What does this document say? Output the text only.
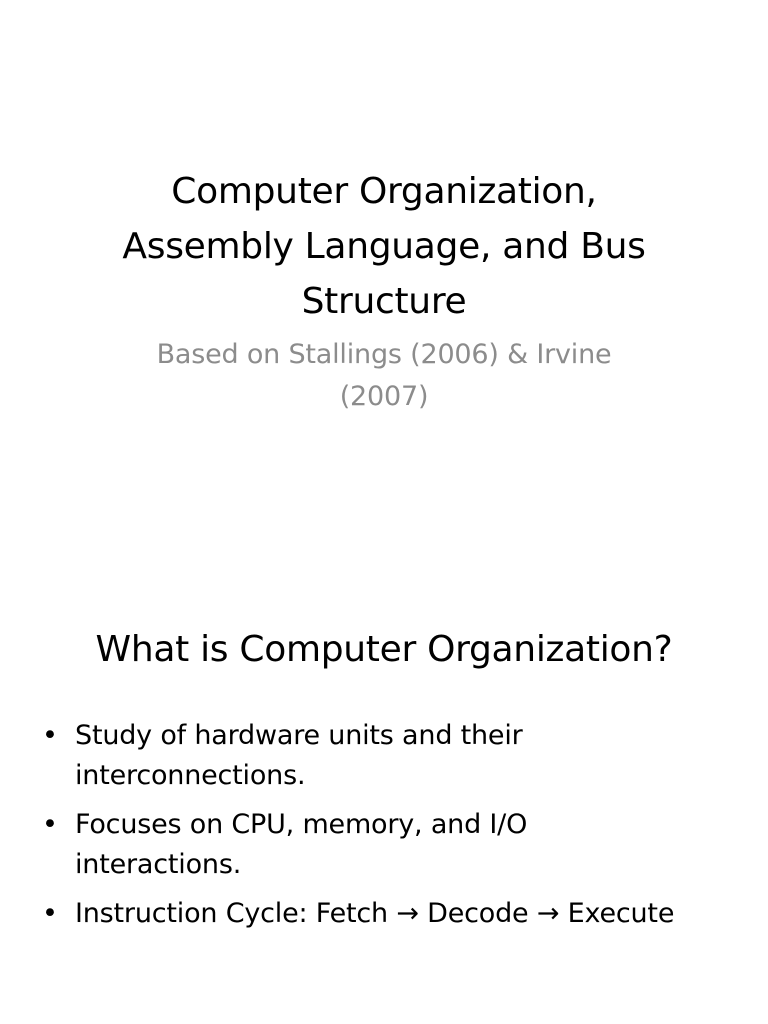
Computer Organization,
Assembly Language, and Bus
Structure
Based on Stallings (2006) & Irvine
(2007)
What is Computer Organization?
• Study of hardware units and their
interconnections.
• Focuses on CPU, memory, and I/O
interactions.
• Instruction Cycle: Fetch → Decode → Execute
